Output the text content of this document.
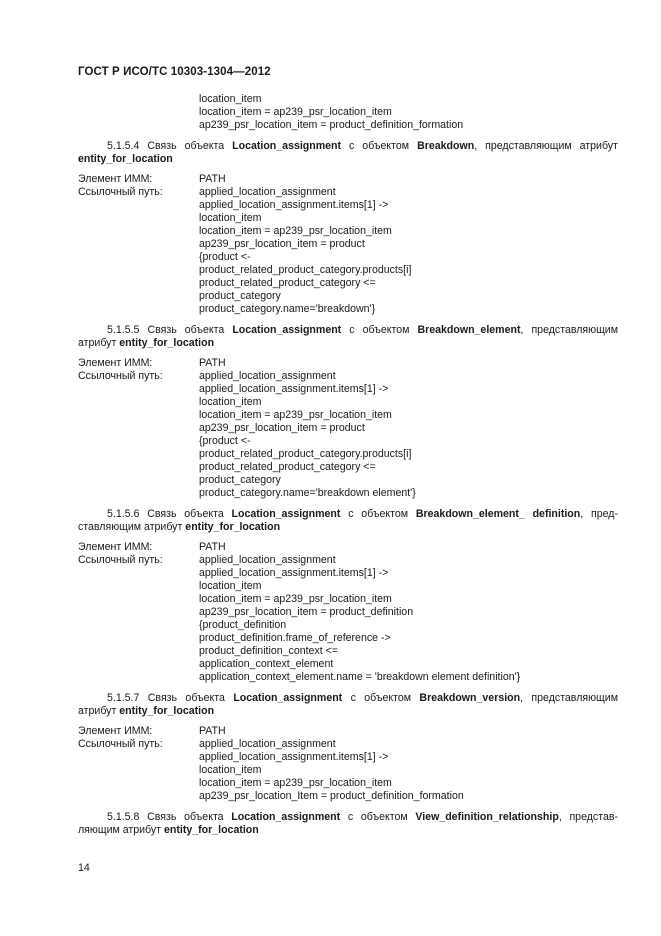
ГОСТ Р ИСО/ТС 10303-1304—2012
location_item
location_item = ap239_psr_location_item
ap239_psr_location_item = product_definition_formation
5.1.5.4 Связь объекта Location_assignment с объектом Breakdown, представляющим атрибут entity_for_location
Элемент ИММ:	PATH
Ссылочный путь:	applied_location_assignment
applied_location_assignment.items[1] ->
location_item
location_item = ap239_psr_location_item
ap239_psr_location_item = product
{product <-
product_related_product_category.products[i]
product_related_product_category <=
product_category
product_category.name='breakdown'}
5.1.5.5 Связь объекта Location_assignment с объектом Breakdown_element, представляющим атрибут entity_for_location
Элемент ИММ:	PATH
Ссылочный путь:	applied_location_assignment
applied_location_assignment.items[1] ->
location_item
location_item = ap239_psr_location_item
ap239_psr_location_item = product
{product <-
product_related_product_category.products[i]
product_related_product_category <=
product_category
product_category.name='breakdown element'}
5.1.5.6 Связь объекта Location_assignment с объектом Breakdown_element_ definition, пред-ставляющим атрибут entity_for_location
Элемент ИММ:	PATH
Ссылочный путь:	applied_location_assignment
applied_location_assignment.items[1] ->
location_item
location_item = ap239_psr_location_item
ap239_psr_location_item = product_definition
{product_definition
product_definition.frame_of_reference ->
product_definition_context <=
application_context_element
application_context_element.name = 'breakdown element definition'}
5.1.5.7 Связь объекта Location_assignment с объектом Breakdown_version, представляющим атрибут entity_for_location
Элемент ИММ:	PATH
Ссылочный путь:	applied_location_assignment
applied_location_assignment.items[1] ->
location_item
location_item = ap239_psr_location_item
ap239_psr_location_Item = product_definition_formation
5.1.5.8 Связь объекта Location_assignment с объектом View_definition_relationship, представ-ляющим атрибут entity_for_location
14
